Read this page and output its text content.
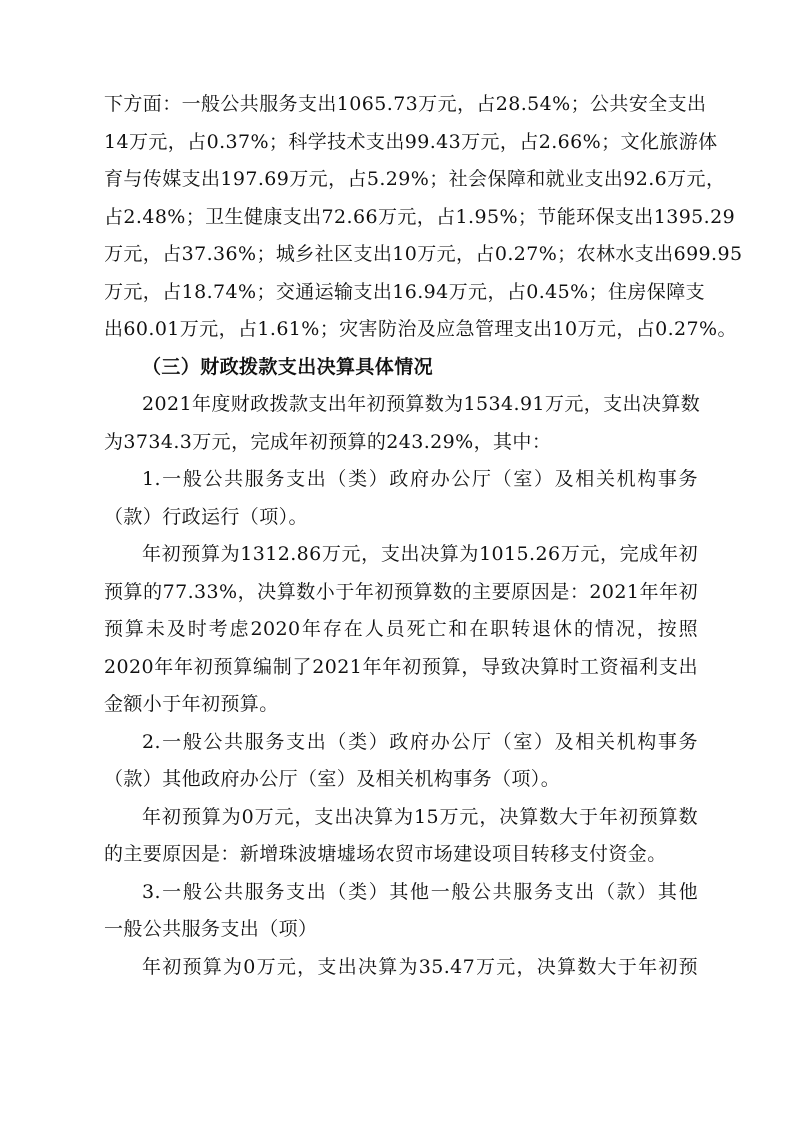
下方面：一般公共服务支出1065.73万元，占28.54%；公共安全支出
14万元，占0.37%；科学技术支出99.43万元，占2.66%；文化旅游体
育与传媒支出197.69万元，占5.29%；社会保障和就业支出92.6万元，
占2.48%；卫生健康支出72.66万元，占1.95%；节能环保支出1395.29
万元，占37.36%；城乡社区支出10万元，占0.27%；农林水支出699.95
万元，占18.74%；交通运输支出16.94万元，占0.45%；住房保障支
出60.01万元，占1.61%；灾害防治及应急管理支出10万元，占0.27%。
（三）财政拨款支出决算具体情况
2021年度财政拨款支出年初预算数为1534.91万元，支出决算数
为3734.3万元，完成年初预算的243.29%，其中：
1.一般公共服务支出（类）政府办公厅（室）及相关机构事务
（款）行政运行（项）。
年初预算为1312.86万元，支出决算为1015.26万元，完成年初
预算的77.33%，决算数小于年初预算数的主要原因是：2021年年初
预算未及时考虑2020年存在人员死亡和在职转退休的情况，按照
2020年年初预算编制了2021年年初预算，导致决算时工资福利支出
金额小于年初预算。
2.一般公共服务支出（类）政府办公厅（室）及相关机构事务
（款）其他政府办公厅（室）及相关机构事务（项）。
年初预算为0万元，支出决算为15万元，决算数大于年初预算数
的主要原因是：新增珠波塘墟场农贸市场建设项目转移支付资金。
3.一般公共服务支出（类）其他一般公共服务支出（款）其他
一般公共服务支出（项）
年初预算为0万元，支出决算为35.47万元，决算数大于年初预
